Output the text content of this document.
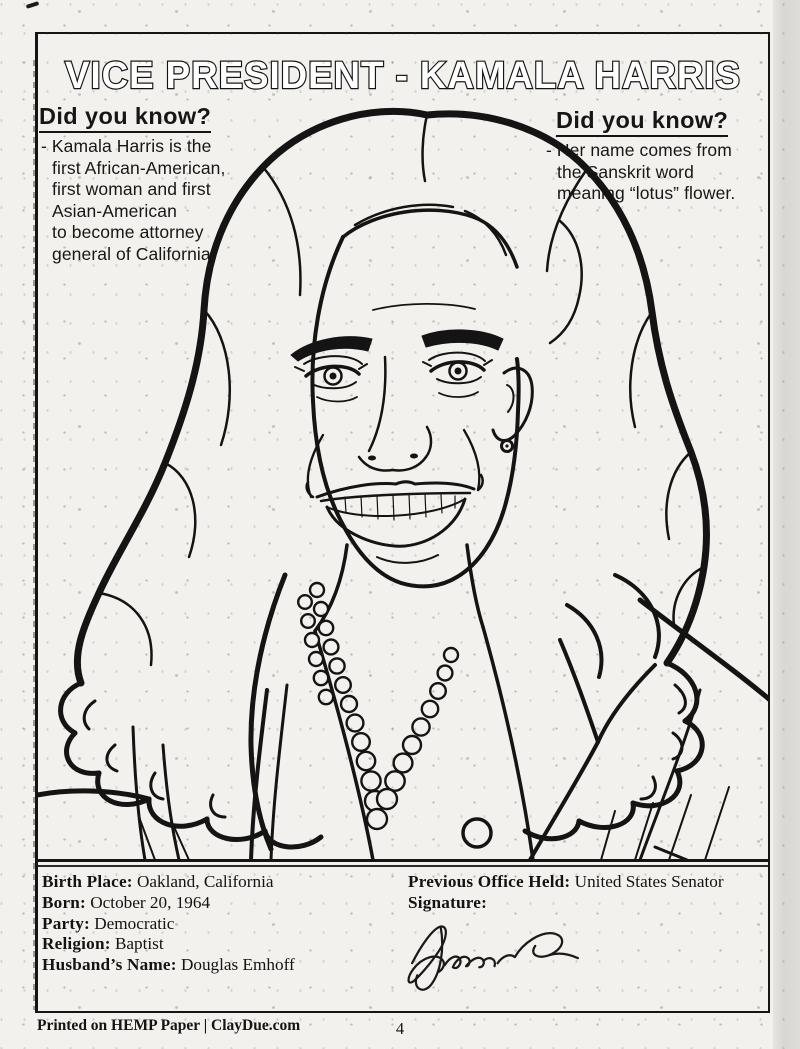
VICE PRESIDENT - KAMALA HARRIS
Did you know?
- Kamala Harris is the
first African-American,
first woman and first
Asian-American
to become attorney
general of California.
Did you know?
- Her name comes from
the Sanskrit word
meaning “lotus” flower.
Birth Place: Oakland, California
Born: October 20, 1964
Party: Democratic
Religion: Baptist
Husband’s Name: Douglas Emhoff
Previous Office Held: United States Senator
Signature:
Printed on HEMP Paper | ClayDue.com	4
